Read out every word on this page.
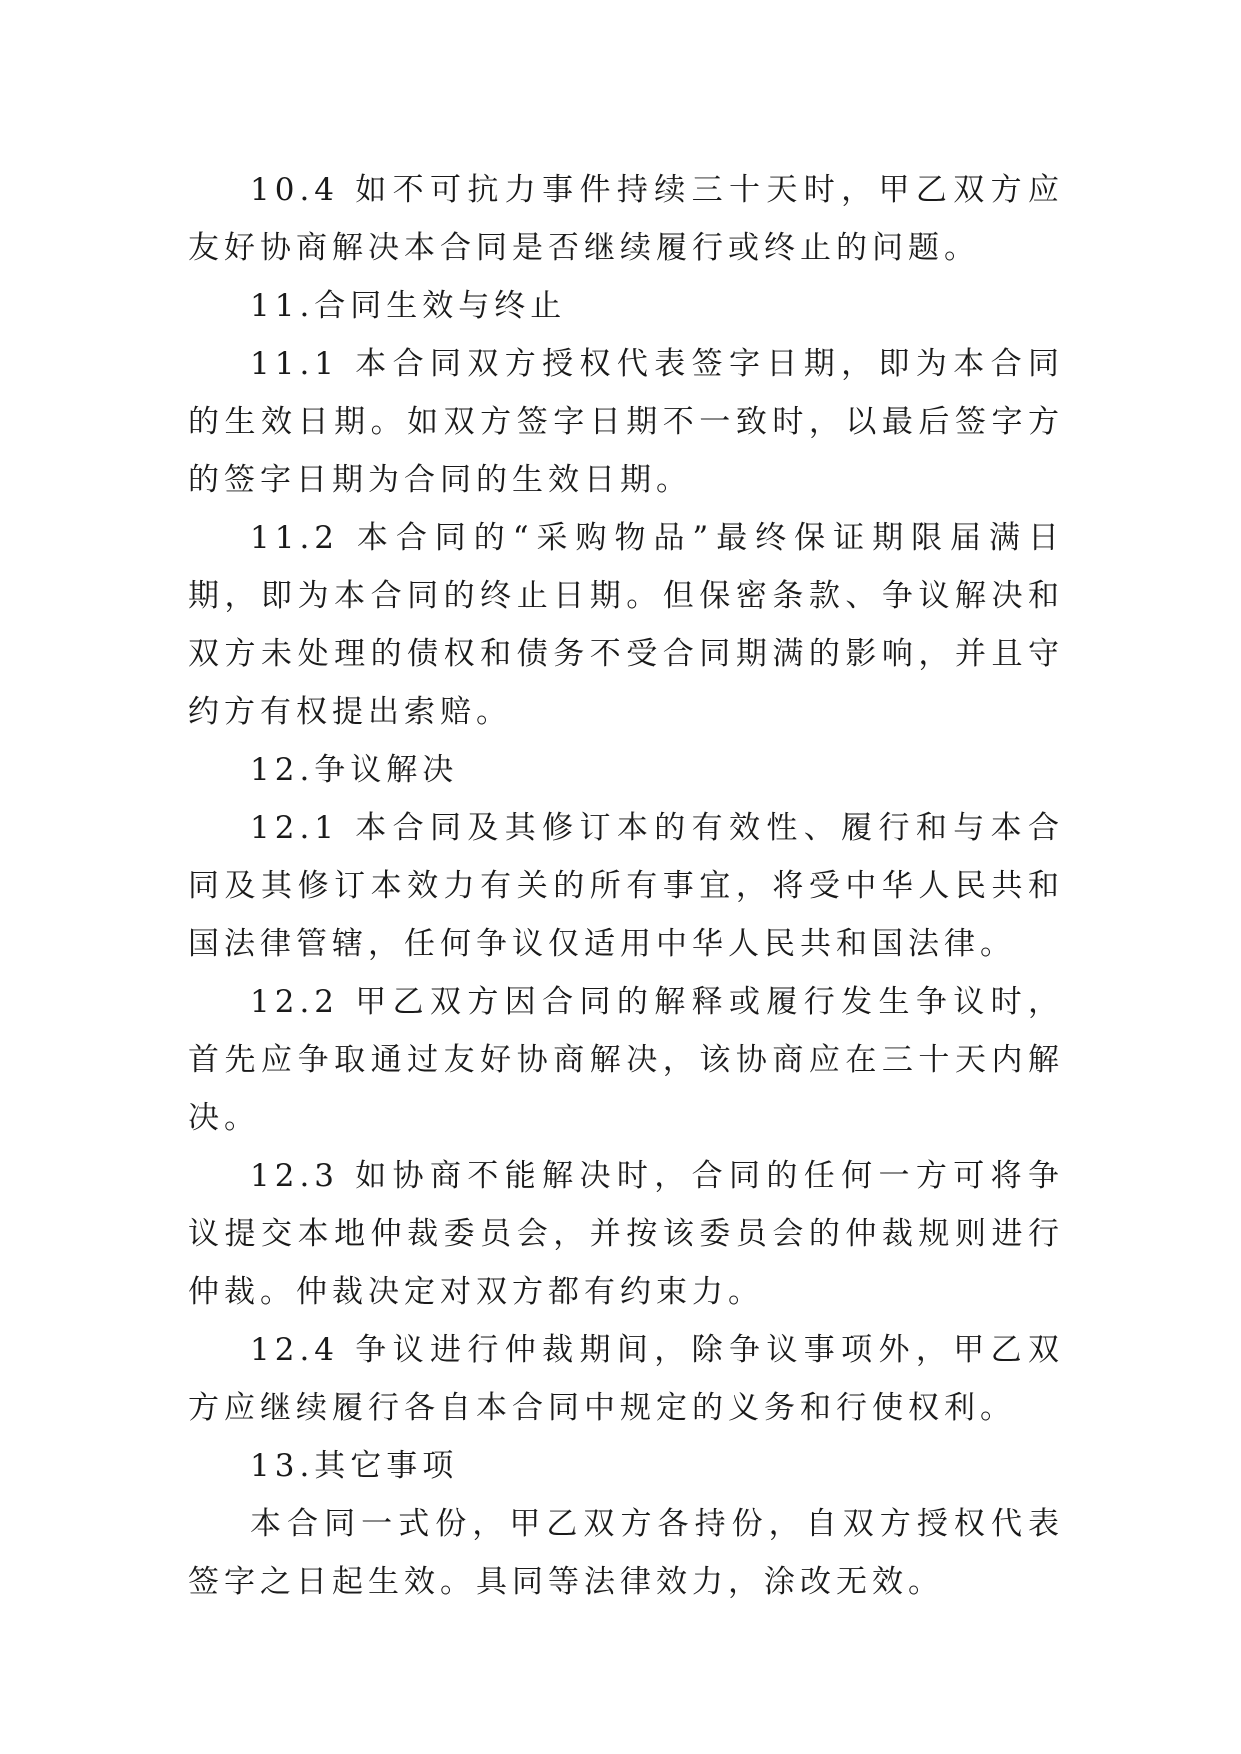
10.4 如不可抗力事件持续三十天时，甲乙双方应友好协商解决本合同是否继续履行或终止的问题。

11.合同生效与终止

11.1 本合同双方授权代表签字日期，即为本合同的生效日期。如双方签字日期不一致时，以最后签字方的签字日期为合同的生效日期。

11.2 本合同的“采购物品”最终保证期限届满日期，即为本合同的终止日期。但保密条款、争议解决和双方未处理的债权和债务不受合同期满的影响，并且守约方有权提出索赔。

12.争议解决

12.1 本合同及其修订本的有效性、履行和与本合同及其修订本效力有关的所有事宜，将受中华人民共和国法律管辖，任何争议仅适用中华人民共和国法律。

12.2 甲乙双方因合同的解释或履行发生争议时，首先应争取通过友好协商解决，该协商应在三十天内解决。

12.3 如协商不能解决时，合同的任何一方可将争议提交本地仲裁委员会，并按该委员会的仲裁规则进行仲裁。仲裁决定对双方都有约束力。

12.4 争议进行仲裁期间，除争议事项外，甲乙双方应继续履行各自本合同中规定的义务和行使权利。

13.其它事项

本合同一式份，甲乙双方各持份，自双方授权代表签字之日起生效。具同等法律效力，涂改无效。
